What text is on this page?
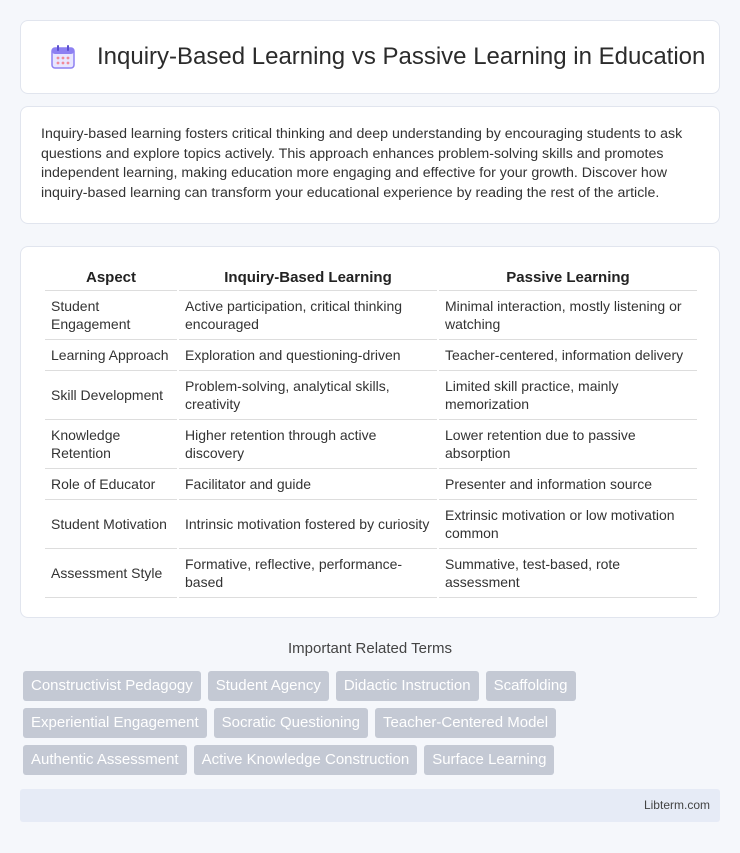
Inquiry-Based Learning vs Passive Learning in Education

Inquiry-based learning fosters critical thinking and deep understanding by encouraging students to ask questions and explore topics actively. This approach enhances problem-solving skills and promotes independent learning, making education more engaging and effective for your growth. Discover how inquiry-based learning can transform your educational experience by reading the rest of the article.

Aspect	Inquiry-Based Learning	Passive Learning
Student Engagement	Active participation, critical thinking encouraged	Minimal interaction, mostly listening or watching
Learning Approach	Exploration and questioning-driven	Teacher-centered, information delivery
Skill Development	Problem-solving, analytical skills, creativity	Limited skill practice, mainly memorization
Knowledge Retention	Higher retention through active discovery	Lower retention due to passive absorption
Role of Educator	Facilitator and guide	Presenter and information source
Student Motivation	Intrinsic motivation fostered by curiosity	Extrinsic motivation or low motivation common
Assessment Style	Formative, reflective, performance-based	Summative, test-based, rote assessment
Important Related Terms
Constructivist Pedagogy	Student Agency	Didactic Instruction	Scaffolding
Experiential Engagement	Socratic Questioning	Teacher-Centered Model
Authentic Assessment	Active Knowledge Construction	Surface Learning
Libterm.com
